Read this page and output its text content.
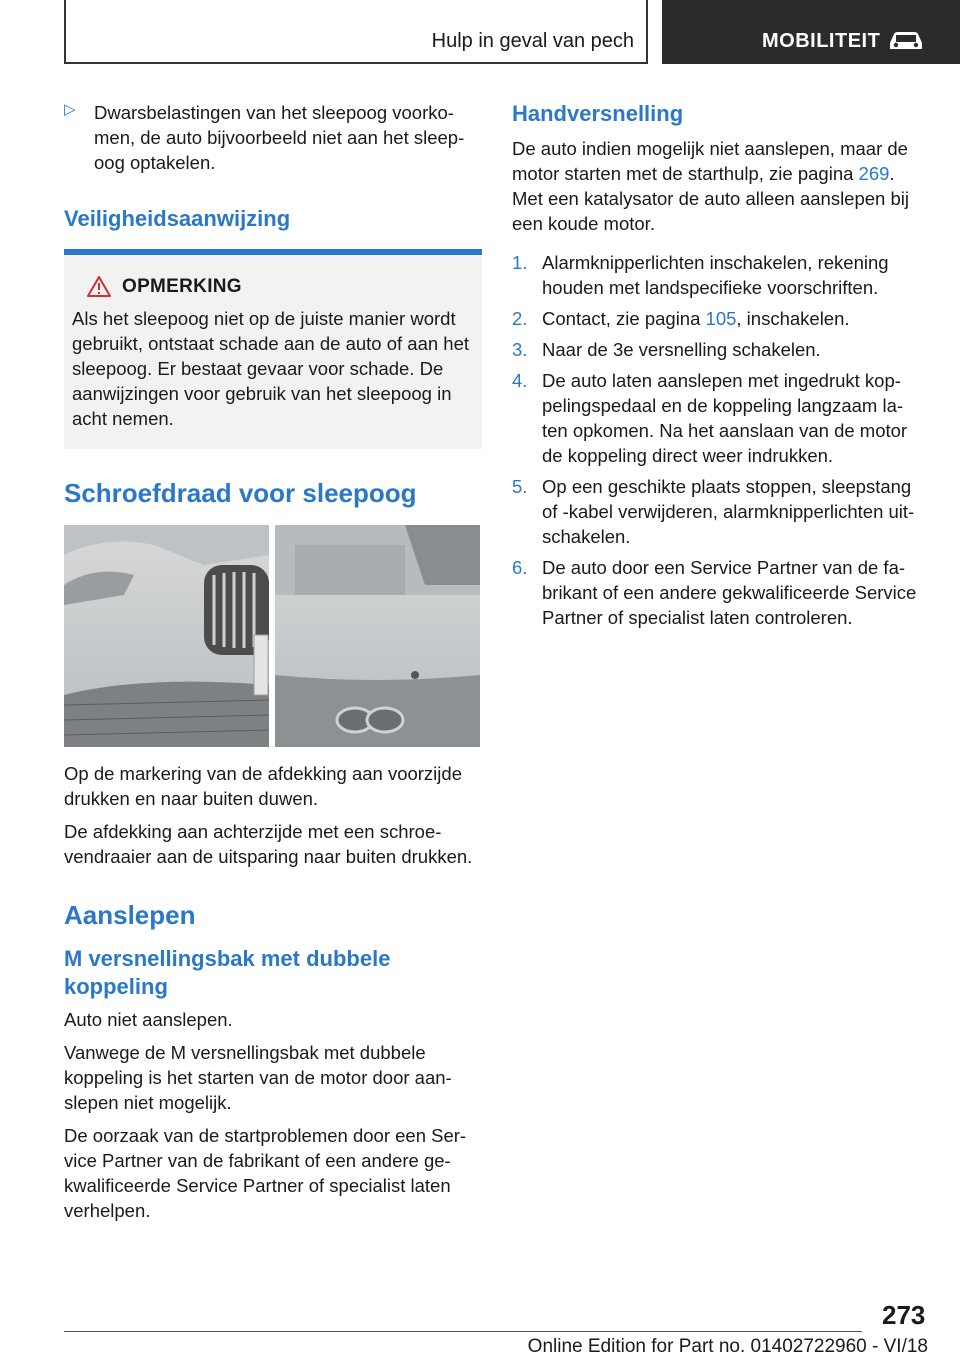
Hulp in geval van pech	MOBILITEIT
▷ Dwarsbelastingen van het sleepoog voorko-men, de auto bijvoorbeeld niet aan het sleep-oog optakelen.

Veiligheidsaanwijzing
OPMERKING

Als het sleepoog niet op de juiste manier wordt gebruikt, ontstaat schade aan de auto of aan het sleepoog. Er bestaat gevaar voor schade. De aanwijzingen voor gebruik van het sleepoog in acht nemen.

Schroefdraad voor sleepoog

Op de markering van de afdekking aan voorzijde drukken en naar buiten duwen.

De afdekking aan achterzijde met een schroe-vendraaier aan de uitsparing naar buiten drukken.

Aanslepen
M versnellingsbak met dubbele koppeling

Auto niet aanslepen.

Vanwege de M versnellingsbak met dubbele koppeling is het starten van de motor door aan-slepen niet mogelijk.

De oorzaak van de startproblemen door een Ser-vice Partner van de fabrikant of een andere ge-kwalificeerde Service Partner of specialist laten verhelpen.

Handversnelling

De auto indien mogelijk niet aanslepen, maar de motor starten met de starthulp, zie pagina 269.

Met een katalysator de auto alleen aanslepen bij een koude motor.

1. Alarmknipperlichten inschakelen, rekening houden met landspecifieke voorschriften.
2. Contact, zie pagina 105, inschakelen.
3. Naar de 3e versnelling schakelen.
4. De auto laten aanslepen met ingedrukt kop-pelingspedaal en de koppeling langzaam la-ten opkomen. Na het aanslaan van de motor de koppeling direct weer indrukken.
5. Op een geschikte plaats stoppen, sleepstang of -kabel verwijderen, alarmknipperlichten uit-schakelen.
6. De auto door een Service Partner van de fa-brikant of een andere gekwalificeerde Service Partner of specialist laten controleren.
273
Online Edition for Part no. 01402722960 - VI/18
